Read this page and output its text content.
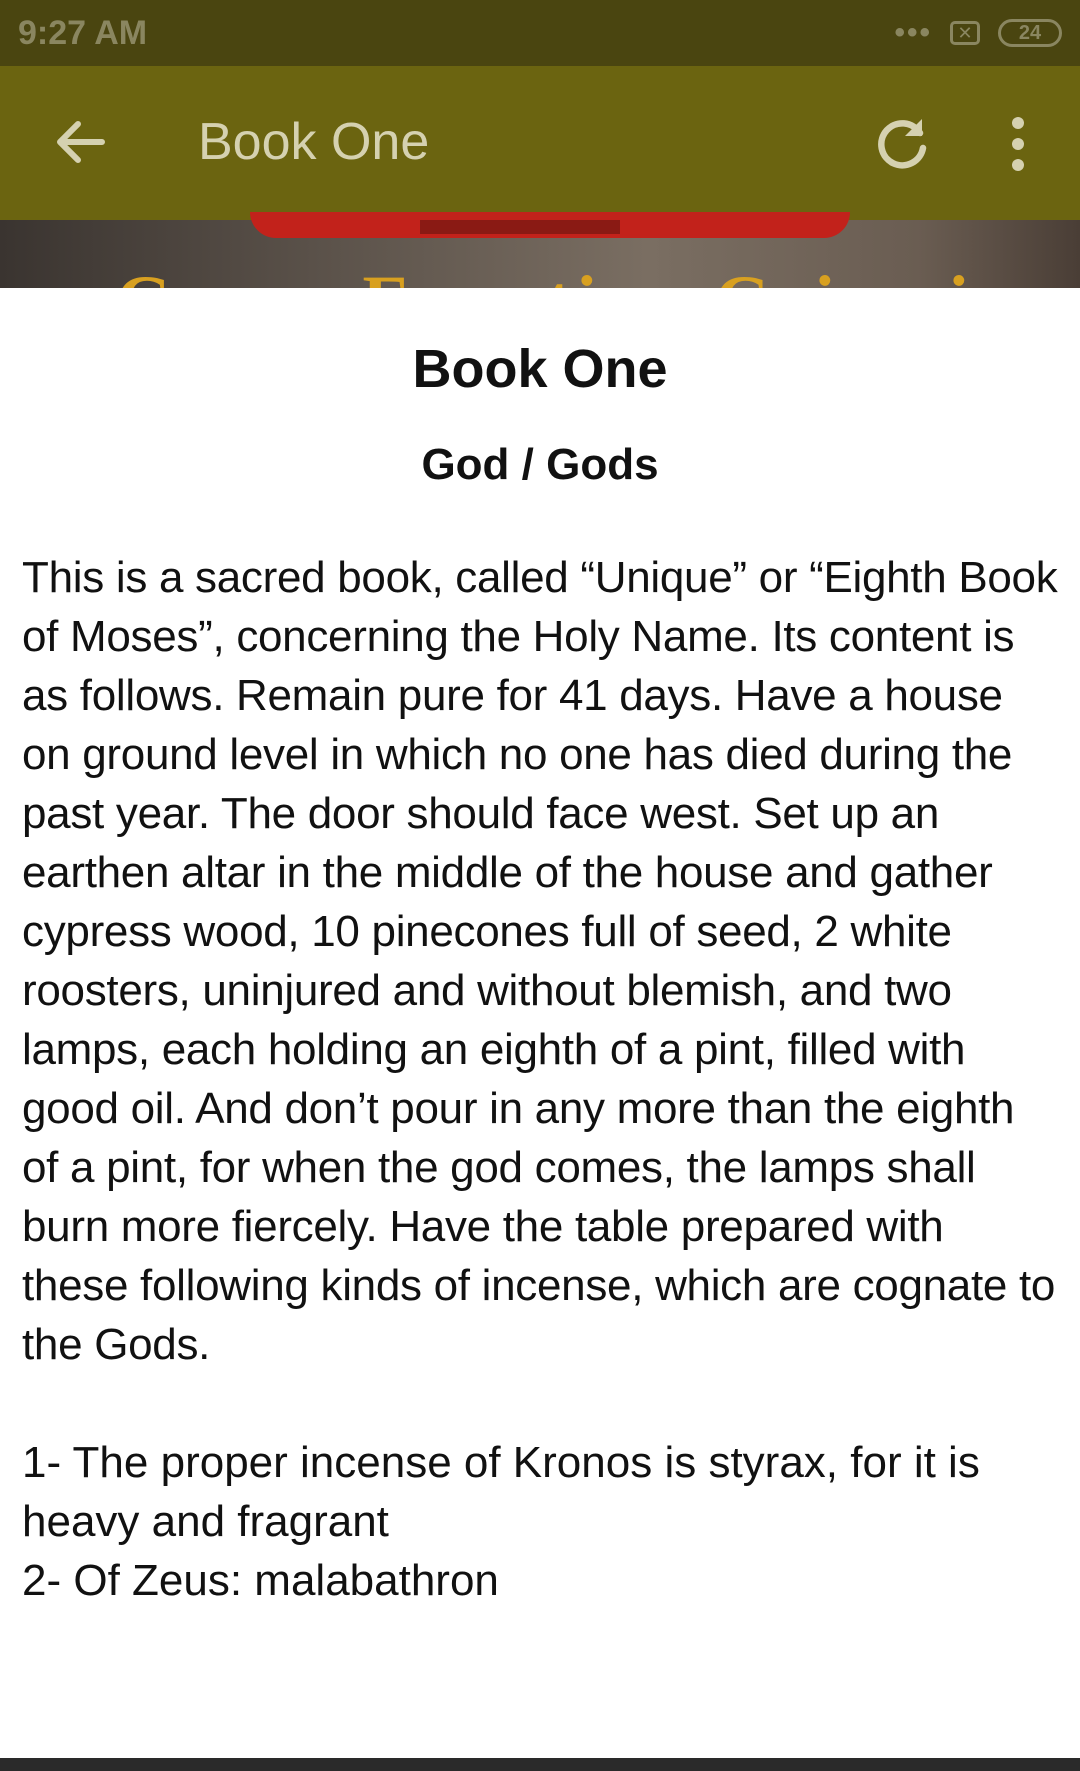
9:27 AM	•••	✕	24
Book One
Book One
God / Gods
This is a sacred book, called “Unique” or “Eighth Book of Moses”, concerning the Holy Name. Its content is as follows. Remain pure for 41 days. Have a house on ground level in which no one has died during the past year. The door should face west. Set up an earthen altar in the middle of the house and gather cypress wood, 10 pinecones full of seed, 2 white roosters, uninjured and without blemish, and two lamps, each holding an eighth of a pint, filled with good oil. And don’t pour in any more than the eighth of a pint, for when the god comes, the lamps shall burn more fiercely. Have the table prepared with these following kinds of incense, which are cognate to the Gods.
1- The proper incense of Kronos is styrax, for it is heavy and fragrant
2- Of Zeus: malabathron
